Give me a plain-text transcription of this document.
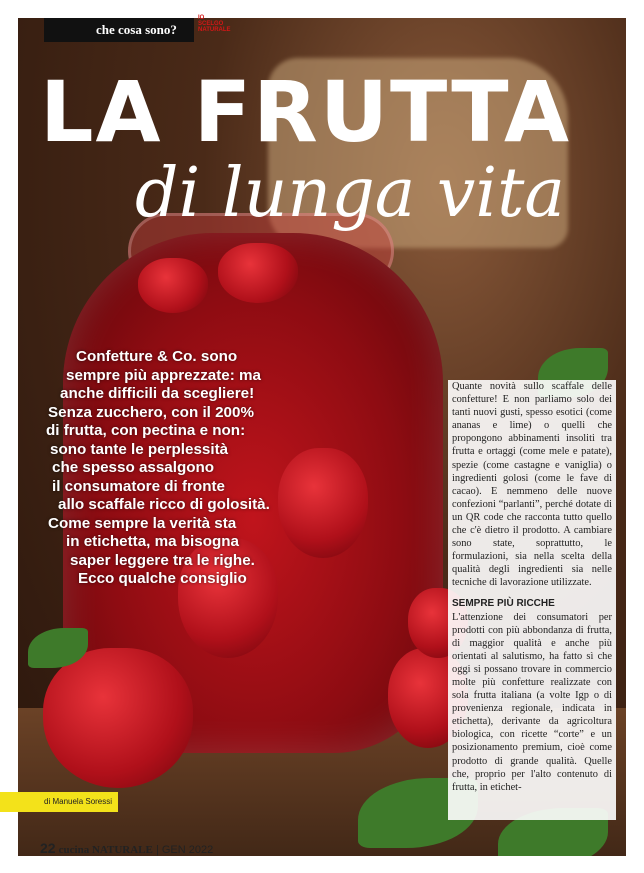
che cosa sono?
IO SCELGO NATURALE
LA FRUTTA
di lunga vita
Confetture & Co. sono
sempre più apprezzate: ma
anche difficili da scegliere!
Senza zucchero, con il 200%
di frutta, con pectina e non:
sono tante le perplessità
che spesso assalgono
il consumatore di fronte
allo scaffale ricco di golosità.
Come sempre la verità sta
in etichetta, ma bisogna
saper leggere tra le righe.
Ecco qualche consiglio

Quante novità sullo scaffale delle confetture! E non parliamo solo dei tanti nuovi gusti, spesso esotici (come ananas e lime) o quelli che propongono abbinamenti insoliti tra frutta e ortaggi (come mele e patate), spezie (come castagne e vaniglia) o ingredienti golosi (come le fave di cacao). E nemmeno delle nuove confezioni “parlanti”, perché dotate di un QR code che racconta tutto quello che c'è dietro il prodotto. A cambiare sono state, soprattutto, le formulazioni, sia nella scelta della qualità degli ingredienti sia nelle tecniche di lavorazione utilizzate.

SEMPRE PIÙ RICCHE

L'attenzione dei consumatori per prodotti con più abbondanza di frutta, di maggior qualità e anche più orientati al salutismo, ha fatto sì che oggi si possano trovare in commercio molte più confetture realizzate con sola frutta italiana (a volte Igp o di provenienza regionale, indicata in etichetta), derivante da agricoltura biologica, con ricette “corte” e un posizionamento premium, cioè come prodotto di grande qualità. Quelle che, proprio per l'alto contenuto di frutta, in etichet-

di Manuela Soressi
22 cucina NATURALE | GEN 2022
